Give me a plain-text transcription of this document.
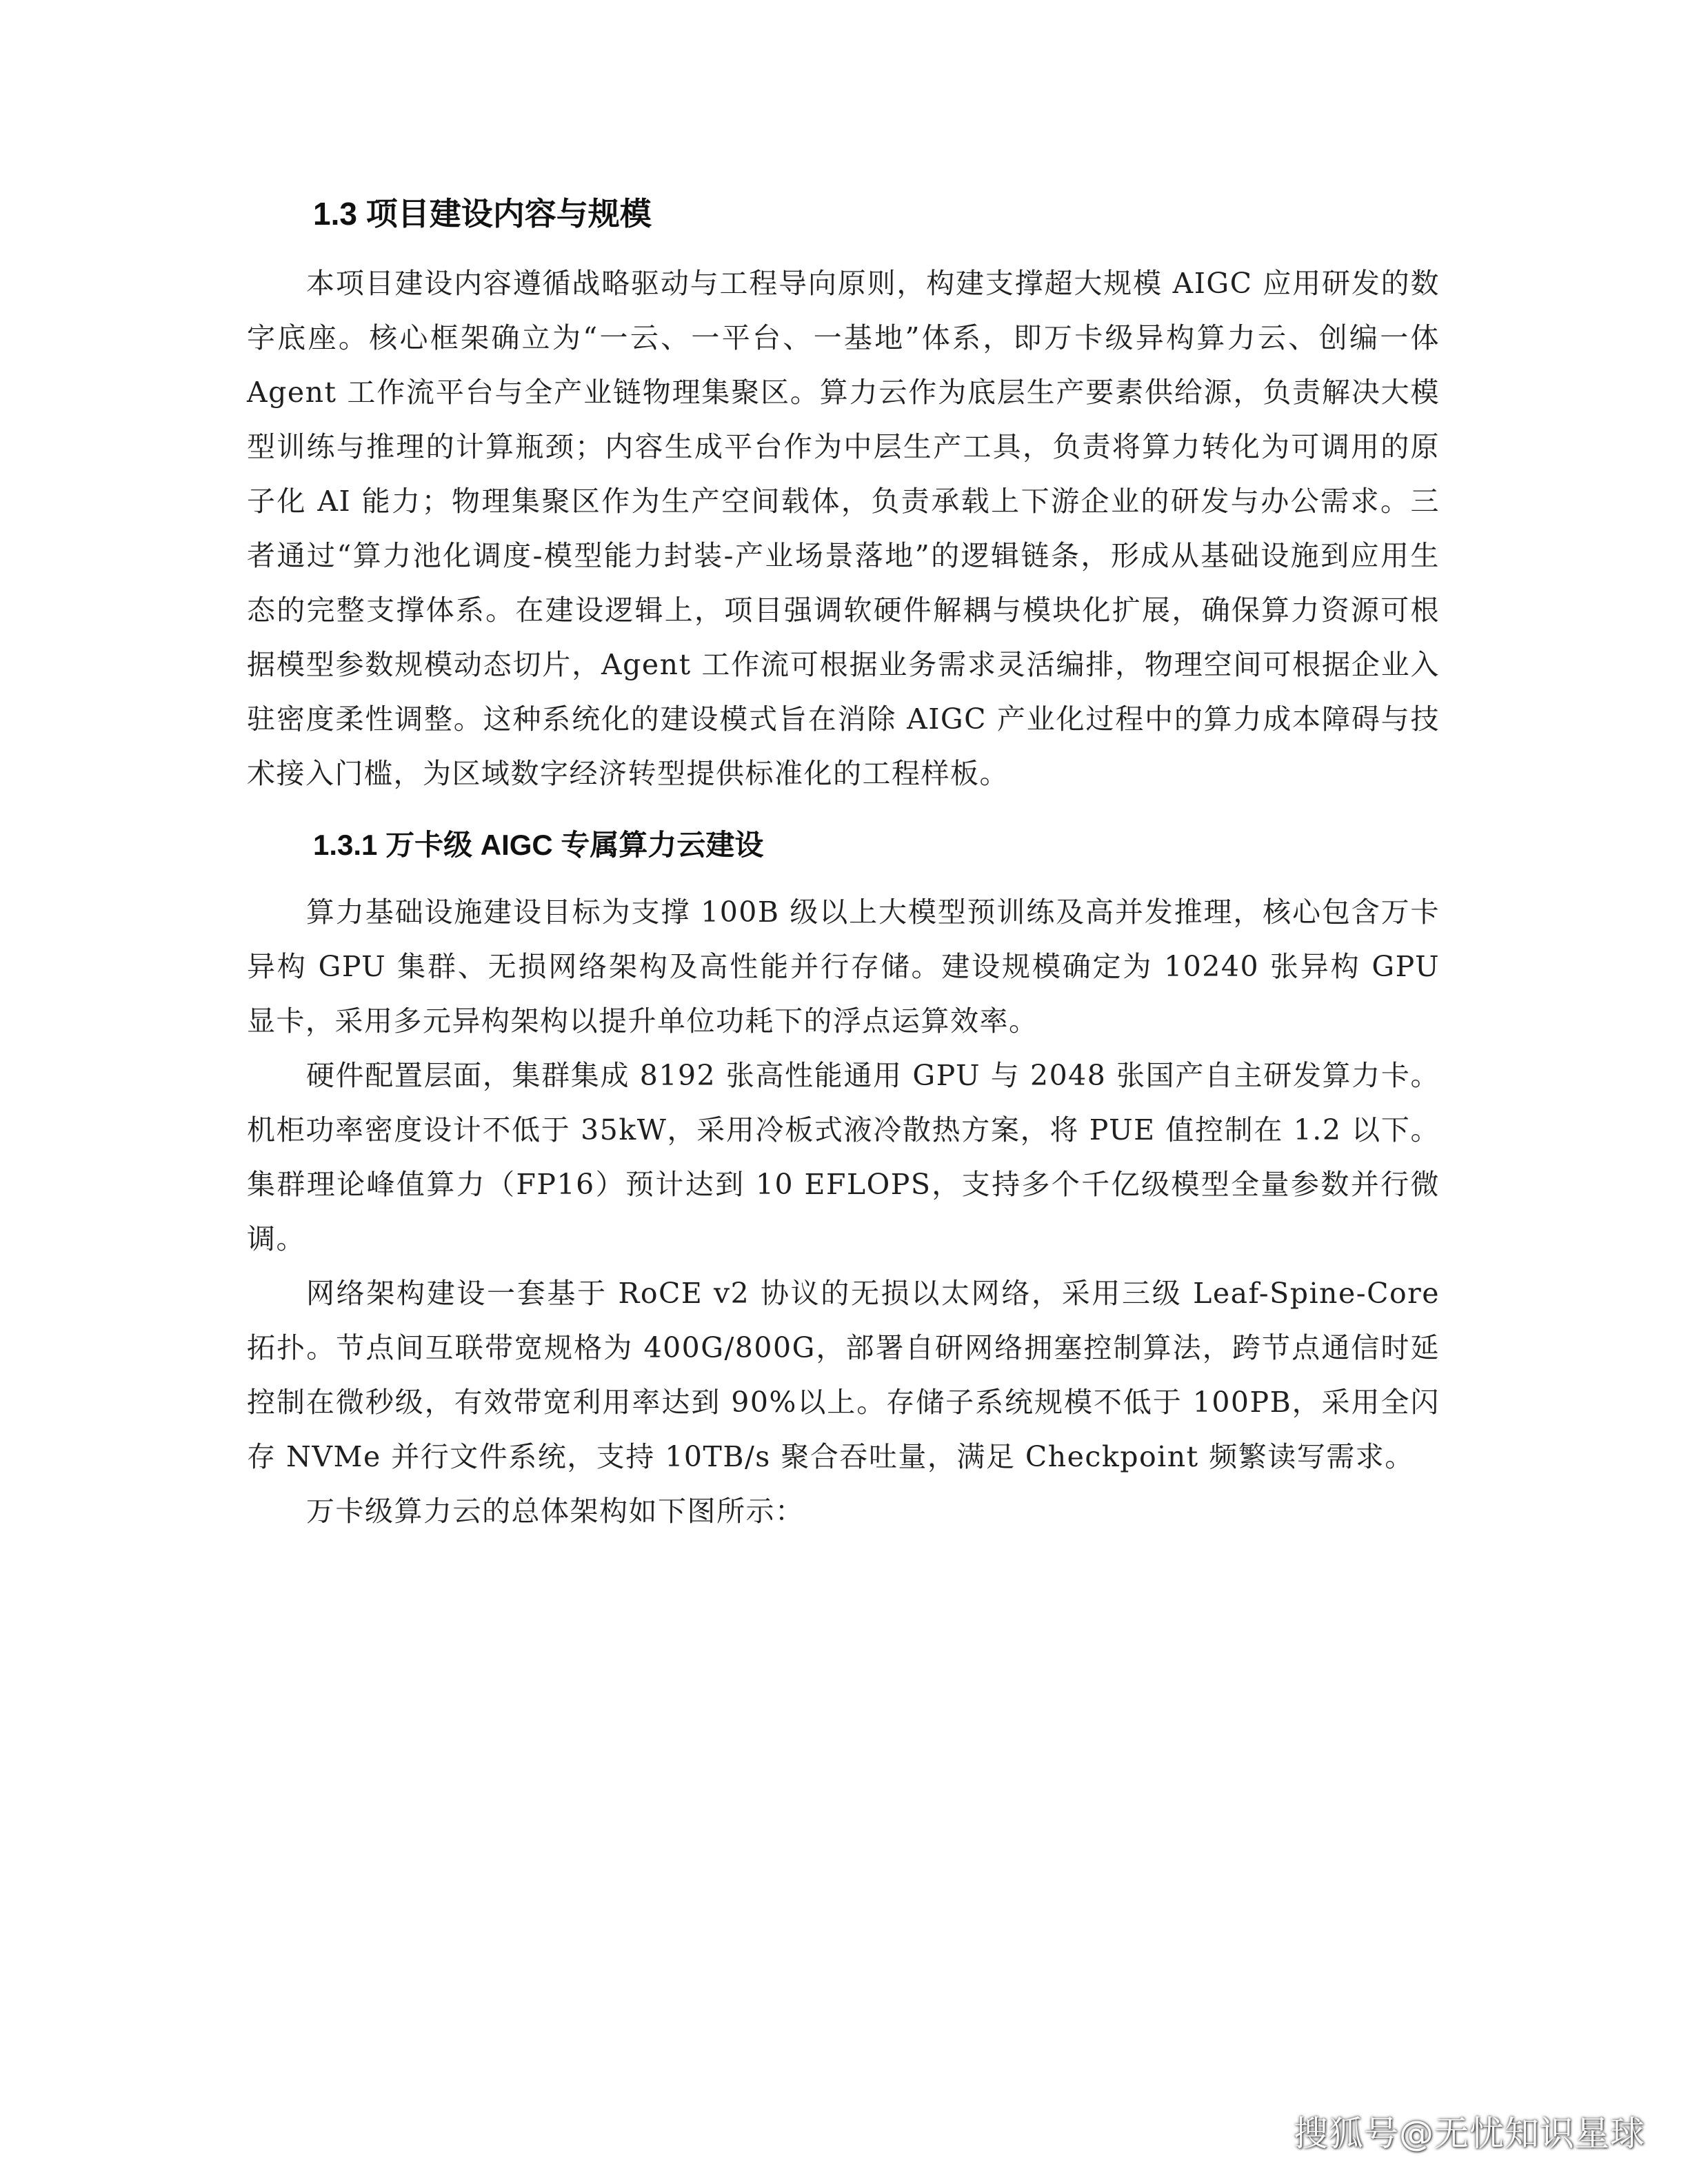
1.3 项目建设内容与规模

本项目建设内容遵循战略驱动与工程导向原则，构建支撑超大规模 AIGC 应用研发的数字底座。核心框架确立为“一云、一平台、一基地”体系，即万卡级异构算力云、创编一体 Agent 工作流平台与全产业链物理集聚区。算力云作为底层生产要素供给源，负责解决大模型训练与推理的计算瓶颈；内容生成平台作为中层生产工具，负责将算力转化为可调用的原子化 AI 能力；物理集聚区作为生产空间载体，负责承载上下游企业的研发与办公需求。三者通过“算力池化调度-模型能力封装-产业场景落地”的逻辑链条，形成从基础设施到应用生态的完整支撑体系。在建设逻辑上，项目强调软硬件解耦与模块化扩展，确保算力资源可根据模型参数规模动态切片，Agent 工作流可根据业务需求灵活编排，物理空间可根据企业入驻密度柔性调整。这种系统化的建设模式旨在消除 AIGC 产业化过程中的算力成本障碍与技术接入门槛，为区域数字经济转型提供标准化的工程样板。

1.3.1 万卡级 AIGC 专属算力云建设

算力基础设施建设目标为支撑 100B 级以上大模型预训练及高并发推理，核心包含万卡异构 GPU 集群、无损网络架构及高性能并行存储。建设规模确定为 10240 张异构 GPU 显卡，采用多元异构架构以提升单位功耗下的浮点运算效率。

硬件配置层面，集群集成 8192 张高性能通用 GPU 与 2048 张国产自主研发算力卡。机柜功率密度设计不低于 35kW，采用冷板式液冷散热方案，将 PUE 值控制在 1.2 以下。集群理论峰值算力（FP16）预计达到 10 EFLOPS，支持多个千亿级模型全量参数并行微调。

网络架构建设一套基于 RoCE v2 协议的无损以太网络，采用三级 Leaf-Spine-Core 拓扑。节点间互联带宽规格为 400G/800G，部署自研网络拥塞控制算法，跨节点通信时延控制在微秒级，有效带宽利用率达到 90%以上。存储子系统规模不低于 100PB，采用全闪存 NVMe 并行文件系统，支持 10TB/s 聚合吞吐量，满足 Checkpoint 频繁读写需求。

万卡级算力云的总体架构如下图所示：

搜狐号@无忧知识星球
